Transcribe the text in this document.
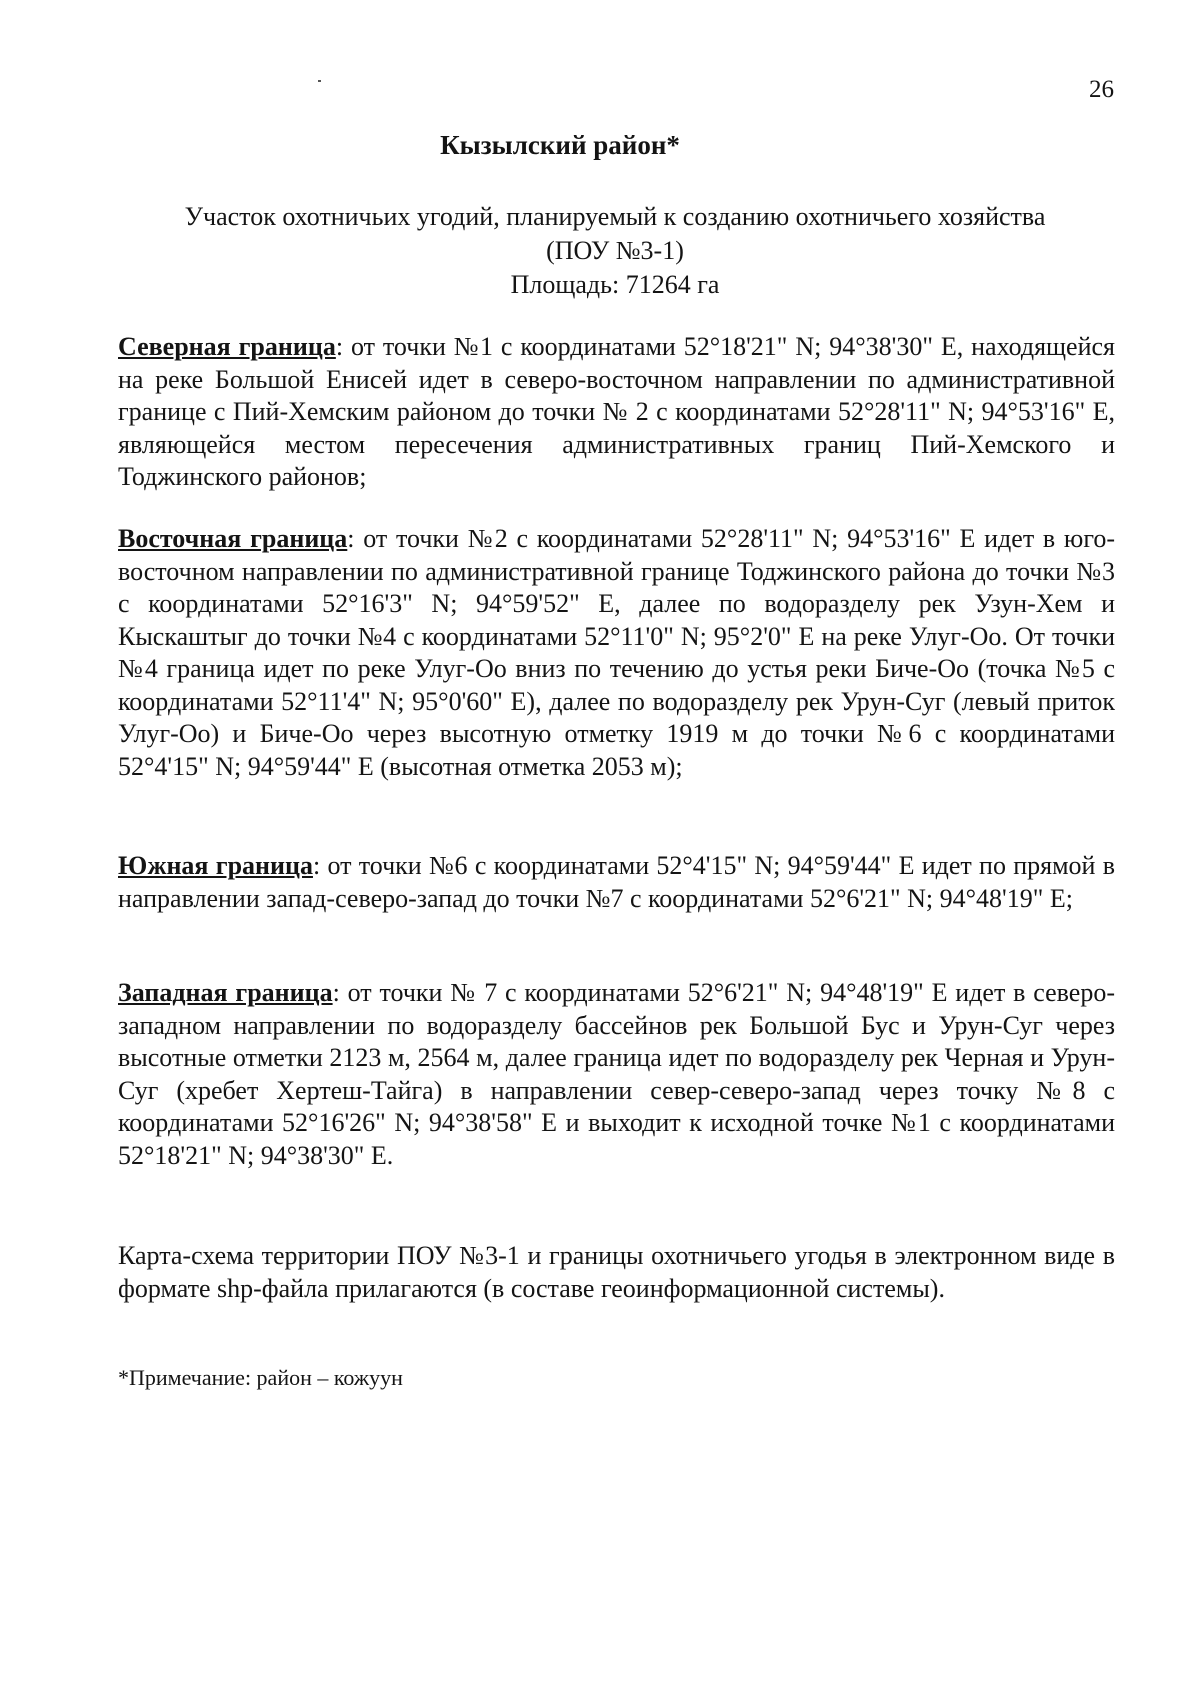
26
Кызылский район*
Участок охотничьих угодий, планируемый к созданию охотничьего хозяйства
(ПОУ №3-1)
Площадь: 71264 га
Северная граница: от точки №1 с координатами 52°18'21" N; 94°38'30" E, находящейся на реке Большой Енисей идет в северо-восточном направлении по административной границе с Пий-Хемским районом до точки № 2 с координатами 52°28'11" N; 94°53'16" E, являющейся местом пересечения административных границ Пий-Хемского и Тоджинского районов;
Восточная граница: от точки №2 с координатами 52°28'11" N; 94°53'16" E идет в юго-восточном направлении по административной границе Тоджинского района до точки №3 с координатами 52°16'3" N; 94°59'52" E, далее по водоразделу рек Узун-Хем и Кыскаштыг до точки №4 с координатами 52°11'0" N; 95°2'0" E на реке Улуг-Оо. От точки №4 граница идет по реке Улуг-Оо вниз по течению до устья реки Биче-Оо (точка №5 с координатами 52°11'4" N; 95°0'60" E), далее по водоразделу рек Урун-Суг (левый приток Улуг-Оо) и Биче-Оо через высотную отметку 1919 м до точки №6 с координатами 52°4'15" N; 94°59'44" E (высотная отметка 2053 м);
Южная граница: от точки №6 с координатами 52°4'15" N; 94°59'44" E идет по прямой в направлении запад-северо-запад до точки №7 с координатами 52°6'21" N; 94°48'19" E;
Западная граница: от точки № 7 с координатами 52°6'21" N; 94°48'19" E идет в северо-западном направлении по водоразделу бассейнов рек Большой Бус и Урун-Суг через высотные отметки 2123 м, 2564 м, далее граница идет по водоразделу рек Черная и Урун-Суг (хребет Хертеш-Тайга) в направлении север-северо-запад через точку №8 с координатами 52°16'26" N; 94°38'58" E и выходит к исходной точке №1 с координатами 52°18'21" N; 94°38'30" E.
Карта-схема территории ПОУ №3-1 и границы охотничьего угодья в электронном виде в формате shp-файла прилагаются (в составе геоинформационной системы).
*Примечание: район – кожуун
